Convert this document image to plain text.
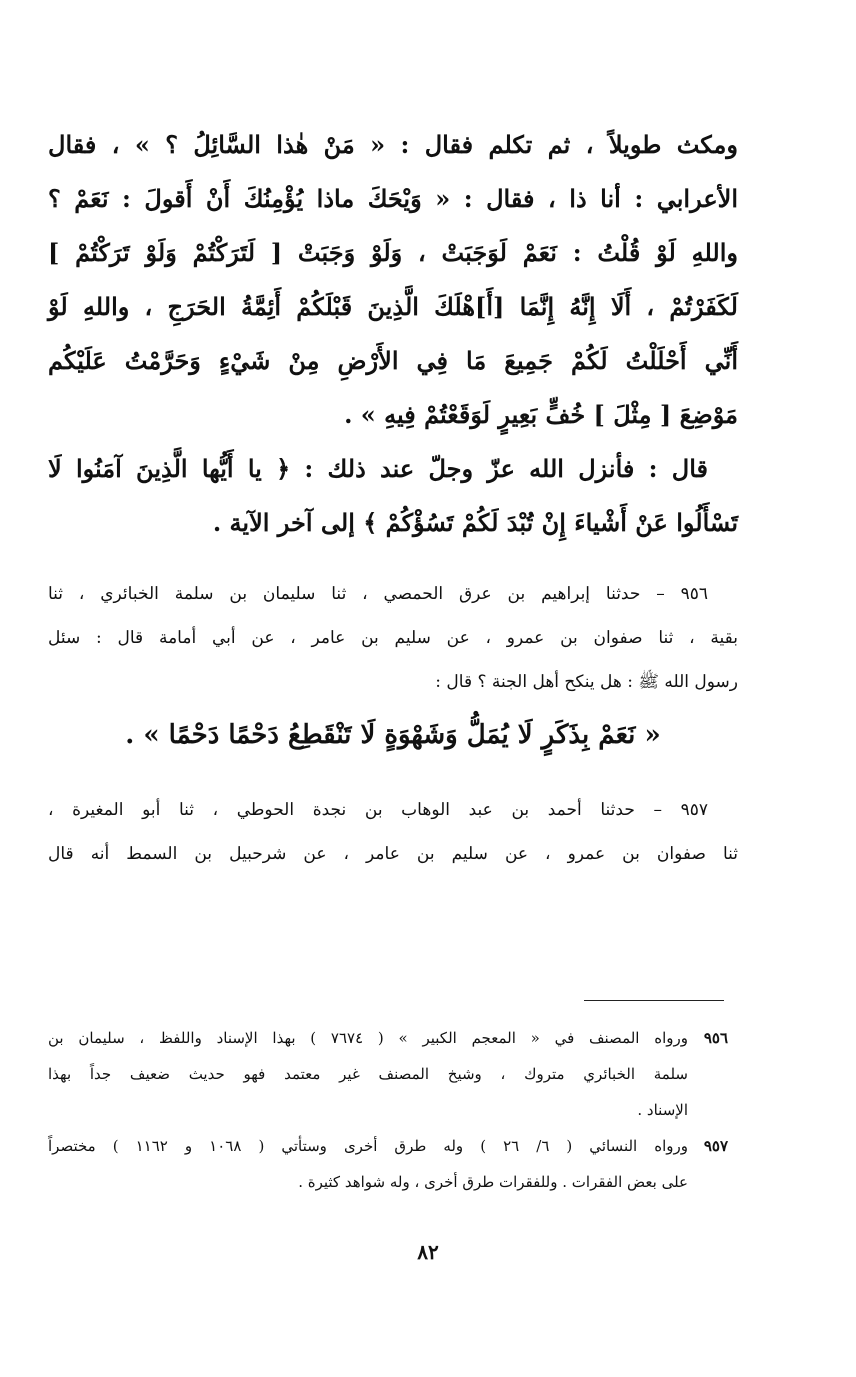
ومكث طويلاً ، ثم تكلم فقال : « مَنْ هٰذا السَّائِلُ ؟ » ، فقال
الأعرابي : أنا ذا ، فقال : « وَيْحَكَ ماذا يُؤْمِنُكَ أَنْ أَقولَ : نَعَمْ ؟
واللهِ لَوْ قُلْتُ : نَعَمْ لَوَجَبَتْ ، وَلَوْ وَجَبَتْ [ لَتَرَكْتُمْ وَلَوْ تَرَكْتُمْ ]
لَكَفَرْتُمْ ، أَلَا إِنَّهُ إِنَّمَا [أَ]هْلَكَ الَّذِينَ قَبْلَكُمْ أَئِمَّةُ الحَرَجِ ، واللهِ لَوْ
أَنِّي أَحْلَلْتُ لَكُمْ جَمِيعَ مَا فِي الأَرْضِ مِنْ شَيْءٍ وَحَرَّمْتُ عَلَيْكُم
مَوْضِعَ [ مِثْلَ ] خُفٍّ بَعِيرٍ لَوَقَعْتُمْ فِيهِ » .
قال : فأنزل الله عزّ وجلّ عند ذلك : ﴿ يا أَيُّها الَّذِينَ آمَنُوا لَا
تَسْأَلُوا عَنْ أَشْياءَ إِنْ تُبْدَ لَكُمْ تَسُؤْكُمْ ﴾ إلى آخر الآية .
٩٥٦ – حدثنا إبراهيم بن عرق الحمصي ، ثنا سليمان بن سلمة الخبائري ، ثنا
بقية ، ثنا صفوان بن عمرو ، عن سليم بن عامر ، عن أبي أمامة قال : سئل
رسول الله ﷺ : هل ينكح أهل الجنة ؟ قال :
« نَعَمْ بِذَكَرٍ لَا يُمَلُّ وَشَهْوَةٍ لَا تَنْقَطِعُ دَحْمًا دَحْمًا » .
٩٥٧ – حدثنا أحمد بن عبد الوهاب بن نجدة الحوطي ، ثنا أبو المغيرة ،
ثنا صفوان بن عمرو ، عن سليم بن عامر ، عن شرحبيل بن السمط أنه قال
٩٥٦
ورواه المصنف في « المعجم الكبير » ( ٧٦٧٤ ) بهذا الإسناد واللفظ ، سليمان بن
سلمة الخبائري متروك ، وشيخ المصنف غير معتمد فهو حديث ضعيف جداً بهذا
الإسناد .
٩٥٧
ورواه النسائي ( ٦/ ٢٦ ) وله طرق أخرى وستأتي ( ١٠٦٨ و ١١٦٢ ) مختصراً
على بعض الفقرات . وللفقرات طرق أخرى ، وله شواهد كثيرة .
٨٢
